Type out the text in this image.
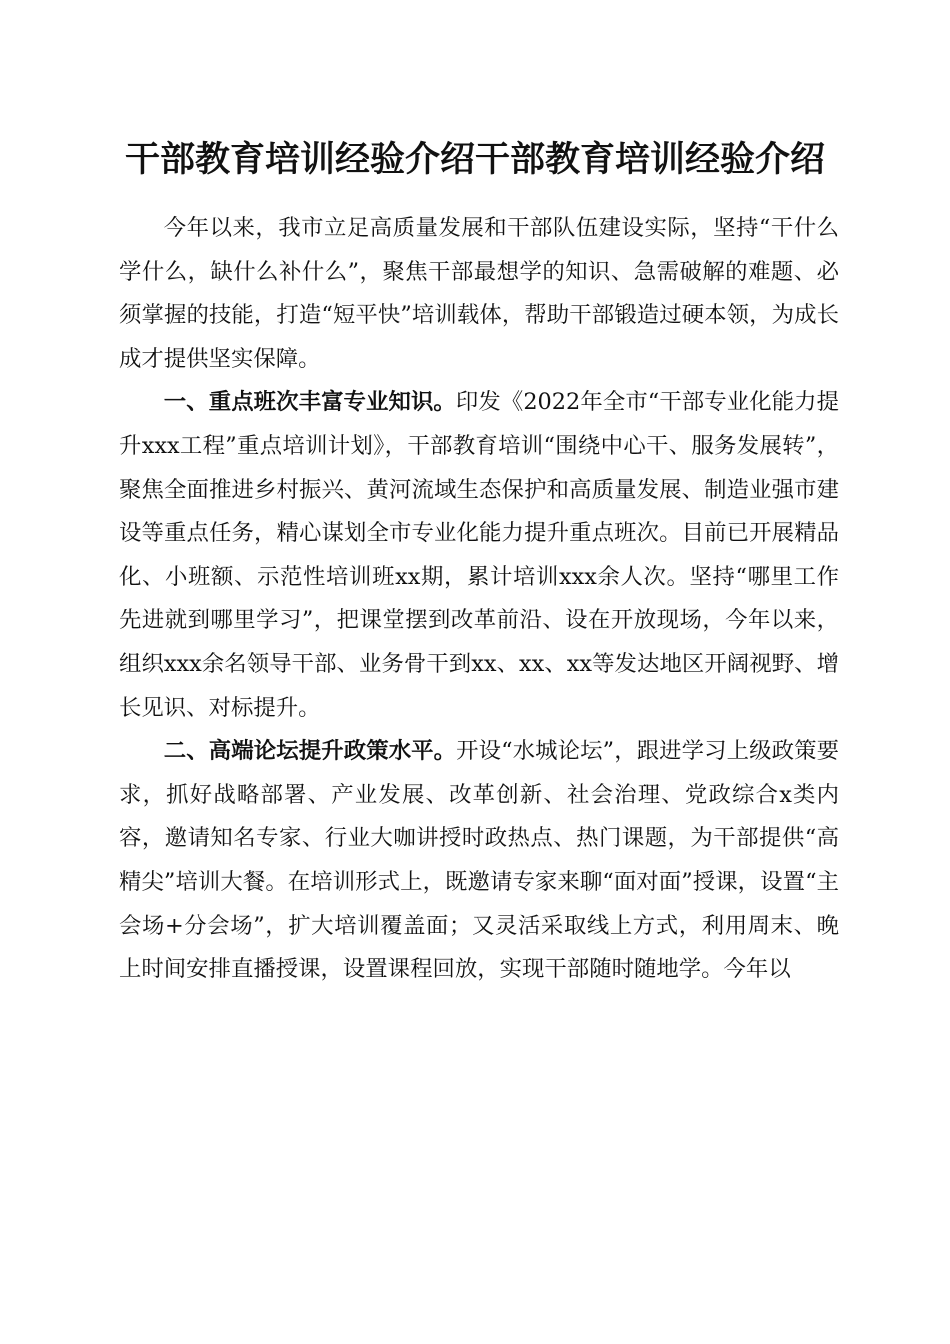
干部教育培训经验介绍干部教育培训经验介绍

今年以来，我市立足高质量发展和干部队伍建设实际，坚持“干什么学什么，缺什么补什么”，聚焦干部最想学的知识、急需破解的难题、必须掌握的技能，打造“短平快”培训载体，帮助干部锻造过硬本领，为成长成才提供坚实保障。

一、重点班次丰富专业知识。印发《2022年全市“干部专业化能力提升xxx工程”重点培训计划》，干部教育培训“围绕中心干、服务发展转”，聚焦全面推进乡村振兴、黄河流域生态保护和高质量发展、制造业强市建设等重点任务，精心谋划全市专业化能力提升重点班次。目前已开展精品化、小班额、示范性培训班xx期，累计培训xxx余人次。坚持“哪里工作先进就到哪里学习”，把课堂摆到改革前沿、设在开放现场，今年以来，组织xxx余名领导干部、业务骨干到xx、xx、xx等发达地区开阔视野、增长见识、对标提升。

二、高端论坛提升政策水平。开设“水城论坛”，跟进学习上级政策要求，抓好战略部署、产业发展、改革创新、社会治理、党政综合x类内容，邀请知名专家、行业大咖讲授时政热点、热门课题，为干部提供“高精尖”培训大餐。在培训形式上，既邀请专家来聊“面对面”授课，设置“主会场+分会场”，扩大培训覆盖面；又灵活采取线上方式，利用周末、晚上时间安排直播授课，设置课程回放，实现干部随时随地学。今年以
